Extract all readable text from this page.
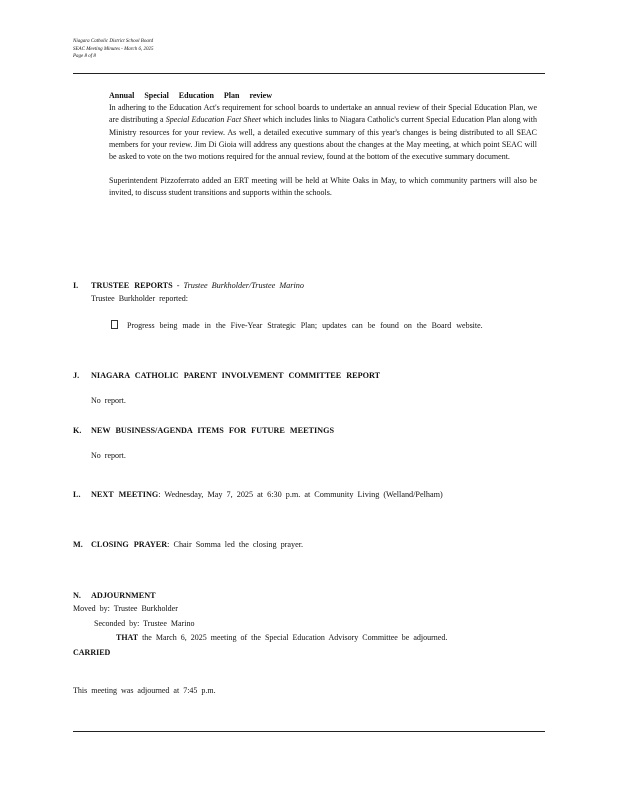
Niagara Catholic District School Board
SEAC Meeting Minutes - March 6, 2025
Page 8 of 8
Annual Special Education Plan review

In adhering to the Education Act's requirement for school boards to undertake an annual review of their Special Education Plan, we are distributing a Special Education Fact Sheet which includes links to Niagara Catholic's current Special Education Plan along with Ministry resources for your review. As well, a detailed executive summary of this year's changes is being distributed to all SEAC members for your review. Jim Di Gioia will address any questions about the changes at the May meeting, at which point SEAC will be asked to vote on the two motions required for the annual review, found at the bottom of the executive summary document.

Superintendent Pizzoferrato added an ERT meeting will be held at White Oaks in May, to which community partners will also be invited, to discuss student transitions and supports within the schools.

I. TRUSTEE REPORTS - Trustee Burkholder/Trustee Marino
Trustee Burkholder reported:
Progress being made in the Five-Year Strategic Plan; updates can be found on the Board website.
J. NIAGARA CATHOLIC PARENT INVOLVEMENT COMMITTEE REPORT
No report.
K. NEW BUSINESS/AGENDA ITEMS FOR FUTURE MEETINGS
No report.
L. NEXT MEETING: Wednesday, May 7, 2025 at 6:30 p.m. at Community Living (Welland/Pelham)
M. CLOSING PRAYER: Chair Somma led the closing prayer.
N. ADJOURNMENT
Moved by: Trustee Burkholder
Seconded by: Trustee Marino
THAT the March 6, 2025 meeting of the Special Education Advisory Committee be adjourned.
CARRIED
This meeting was adjourned at 7:45 p.m.
